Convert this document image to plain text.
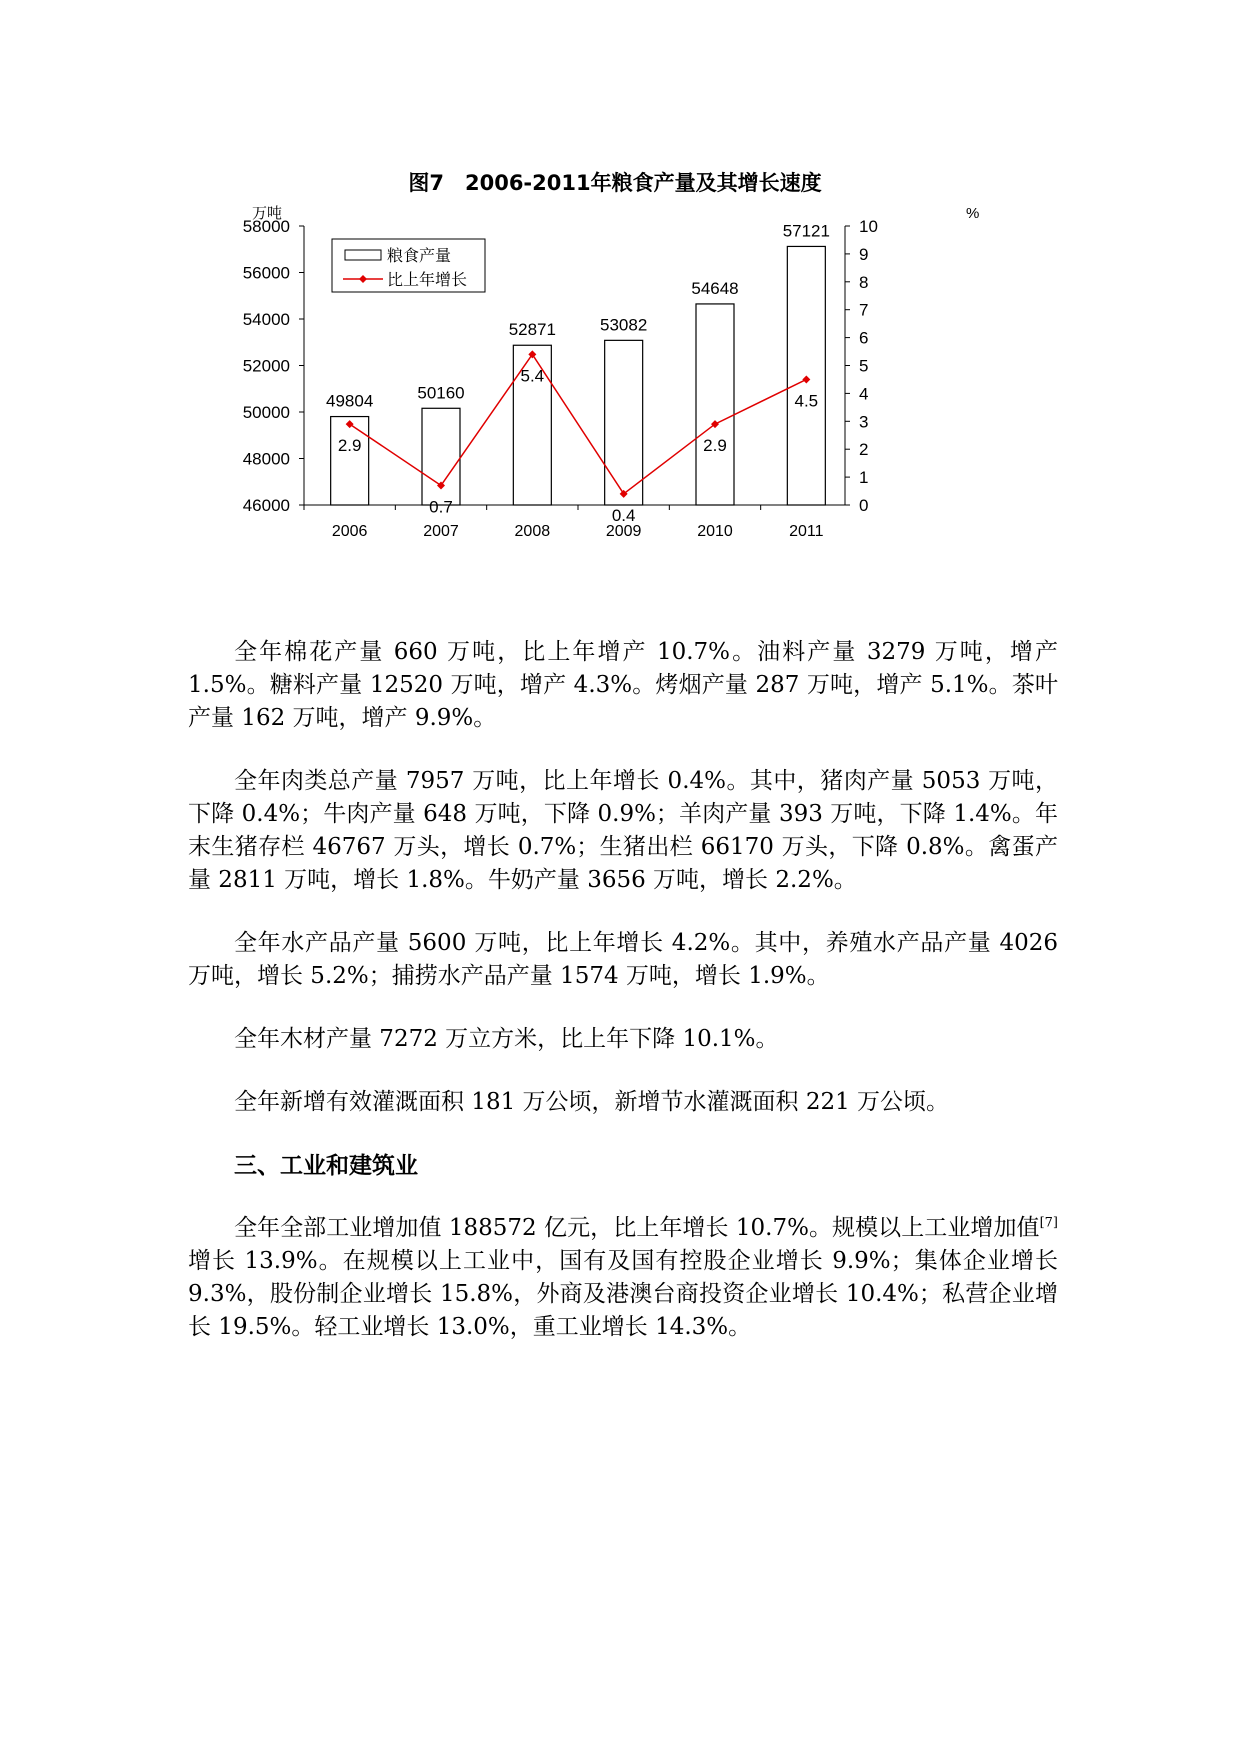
图7　2006-2011年粮食产量及其增长速度
万吨	%
46000
48000
50000
52000
54000
56000
58000
2006	2007	2008	2009	2010	2011
0
1
2
3
4
5
6
7
8
9
10
49804	50160
52871	53082
54648
57121
2.9
0.7
5.4
0.4
2.9
4.5
粮食产量
比上年增长

全年棉花产量 660 万吨，比上年增产 10.7%。油料产量 3279 万吨，增产 1.5%。糖料产量 12520 万吨，增产 4.3%。烤烟产量 287 万吨，增产 5.1%。茶叶产量 162 万吨，增产 9.9%。

全年肉类总产量 7957 万吨，比上年增长 0.4%。其中，猪肉产量 5053 万吨，下降 0.4%；牛肉产量 648 万吨，下降 0.9%；羊肉产量 393 万吨，下降 1.4%。年末生猪存栏 46767 万头，增长 0.7%；生猪出栏 66170 万头，下降 0.8%。禽蛋产量 2811 万吨，增长 1.8%。牛奶产量 3656 万吨，增长 2.2%。

全年水产品产量 5600 万吨，比上年增长 4.2%。其中，养殖水产品产量 4026 万吨，增长 5.2%；捕捞水产品产量 1574 万吨，增长 1.9%。

全年木材产量 7272 万立方米，比上年下降 10.1%。

全年新增有效灌溉面积 181 万公顷，新增节水灌溉面积 221 万公顷。

三、工业和建筑业

全年全部工业增加值 188572 亿元，比上年增长 10.7%。规模以上工业增加值[7]增长 13.9%。在规模以上工业中，国有及国有控股企业增长 9.9%；集体企业增长 9.3%，股份制企业增长 15.8%，外商及港澳台商投资企业增长 10.4%；私营企业增长 19.5%。轻工业增长 13.0%，重工业增长 14.3%。
